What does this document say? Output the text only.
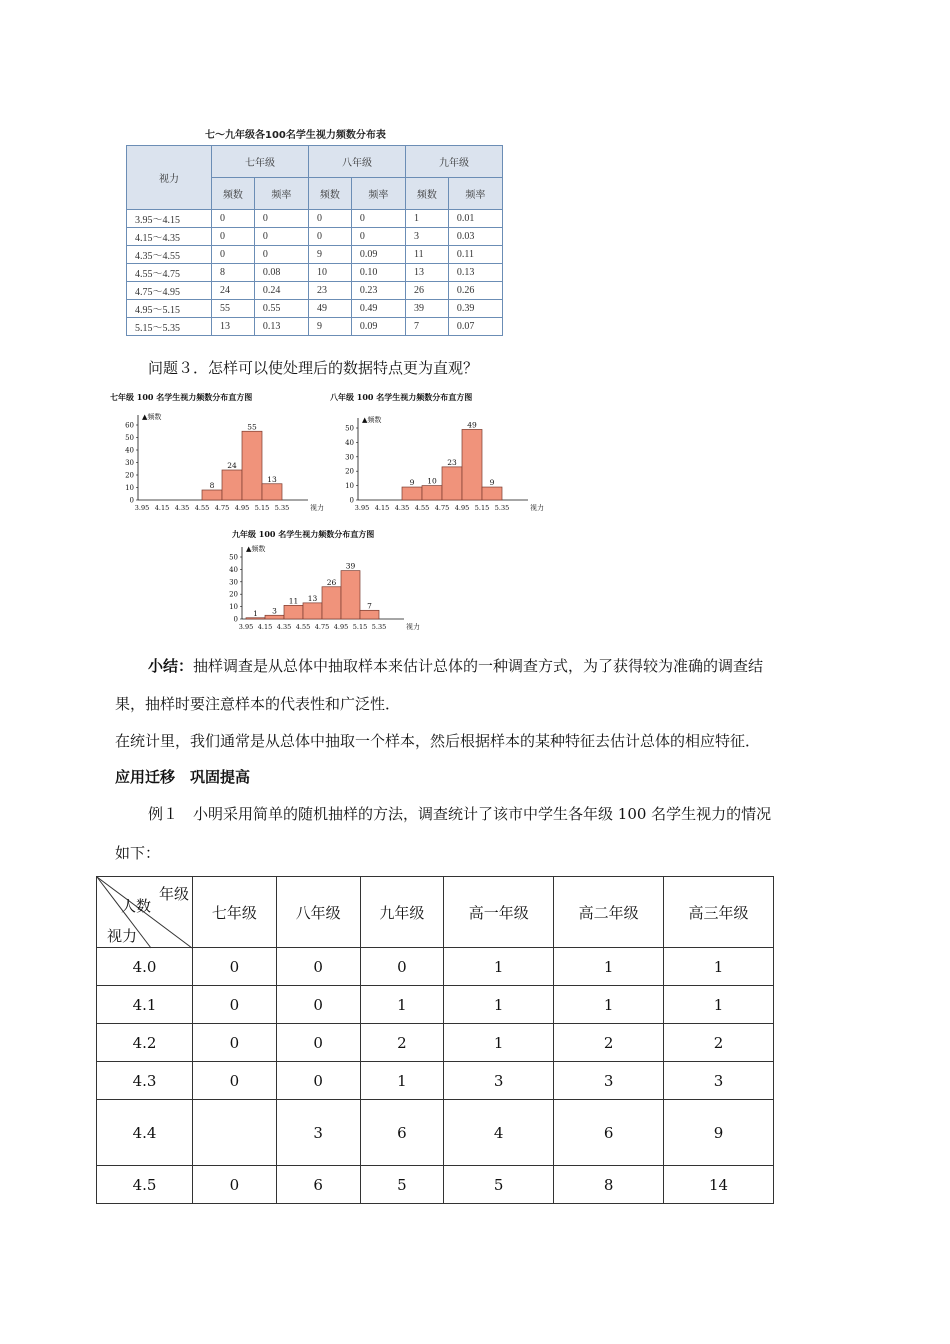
七～九年级各100名学生视力频数分布表
视力	七年级		八年级		九年级	
	频数	频率	频数	频率	频数	频率
3.95～4.15	0	0	0	0	1	0.01
4.15～4.35	0	0	0	0	3	0.03
4.35～4.55	0	0	9	0.09	11	0.11
4.55～4.75	8	0.08	10	0.10	13	0.13
4.75～4.95	24	0.24	23	0.23	26	0.26
4.95～5.15	55	0.55	49	0.49	39	0.39
5.15～5.35	13	0.13	9	0.09	7	0.07
问题３．怎样可以使处理后的数据特点更为直观？
七年级 100 名学生视力频数分布直方图
▲频数
0
10
20
30
40
50
60
3.95 4.15 4.35 4.55 4.75 4.95 5.15 5.35	视力
8
24
55
13
八年级 100 名学生视力频数分布直方图
▲频数
0
10
20
30
40
50
3.95 4.15 4.35 4.55 4.75 4.95 5.15 5.35	视力
9 10
23
49
9
九年级 100 名学生视力频数分布直方图
▲频数
0
10
20
30
40
50
3.95 4.15 4.35 4.55 4.75 4.95 5.15 5.35	视力
1 3
11 13
26
39
7
小结：抽样调查是从总体中抽取样本来估计总体的一种调查方式，为了获得较为准确的调查结
果，抽样时要注意样本的代表性和广泛性．
在统计里，我们通常是从总体中抽取一个样本，然后根据样本的某种特征去估计总体的相应特征．
应用迁移　巩固提高
例１　小明采用简单的随机抽样的方法，调查统计了该市中学生各年级 100 名学生视力的情况
如下：
年级
人数
视力	七年级	八年级	九年级	高一年级	高二年级	高三年级
4.0	0	0	0	1	1	1
4.1	0	0	1	1	1	1
4.2	0	0	2	1	2	2
4.3	0	0	1	3	3	3
4.4		3	6	4	6	9
4.5	0	6	5	5	8	14
